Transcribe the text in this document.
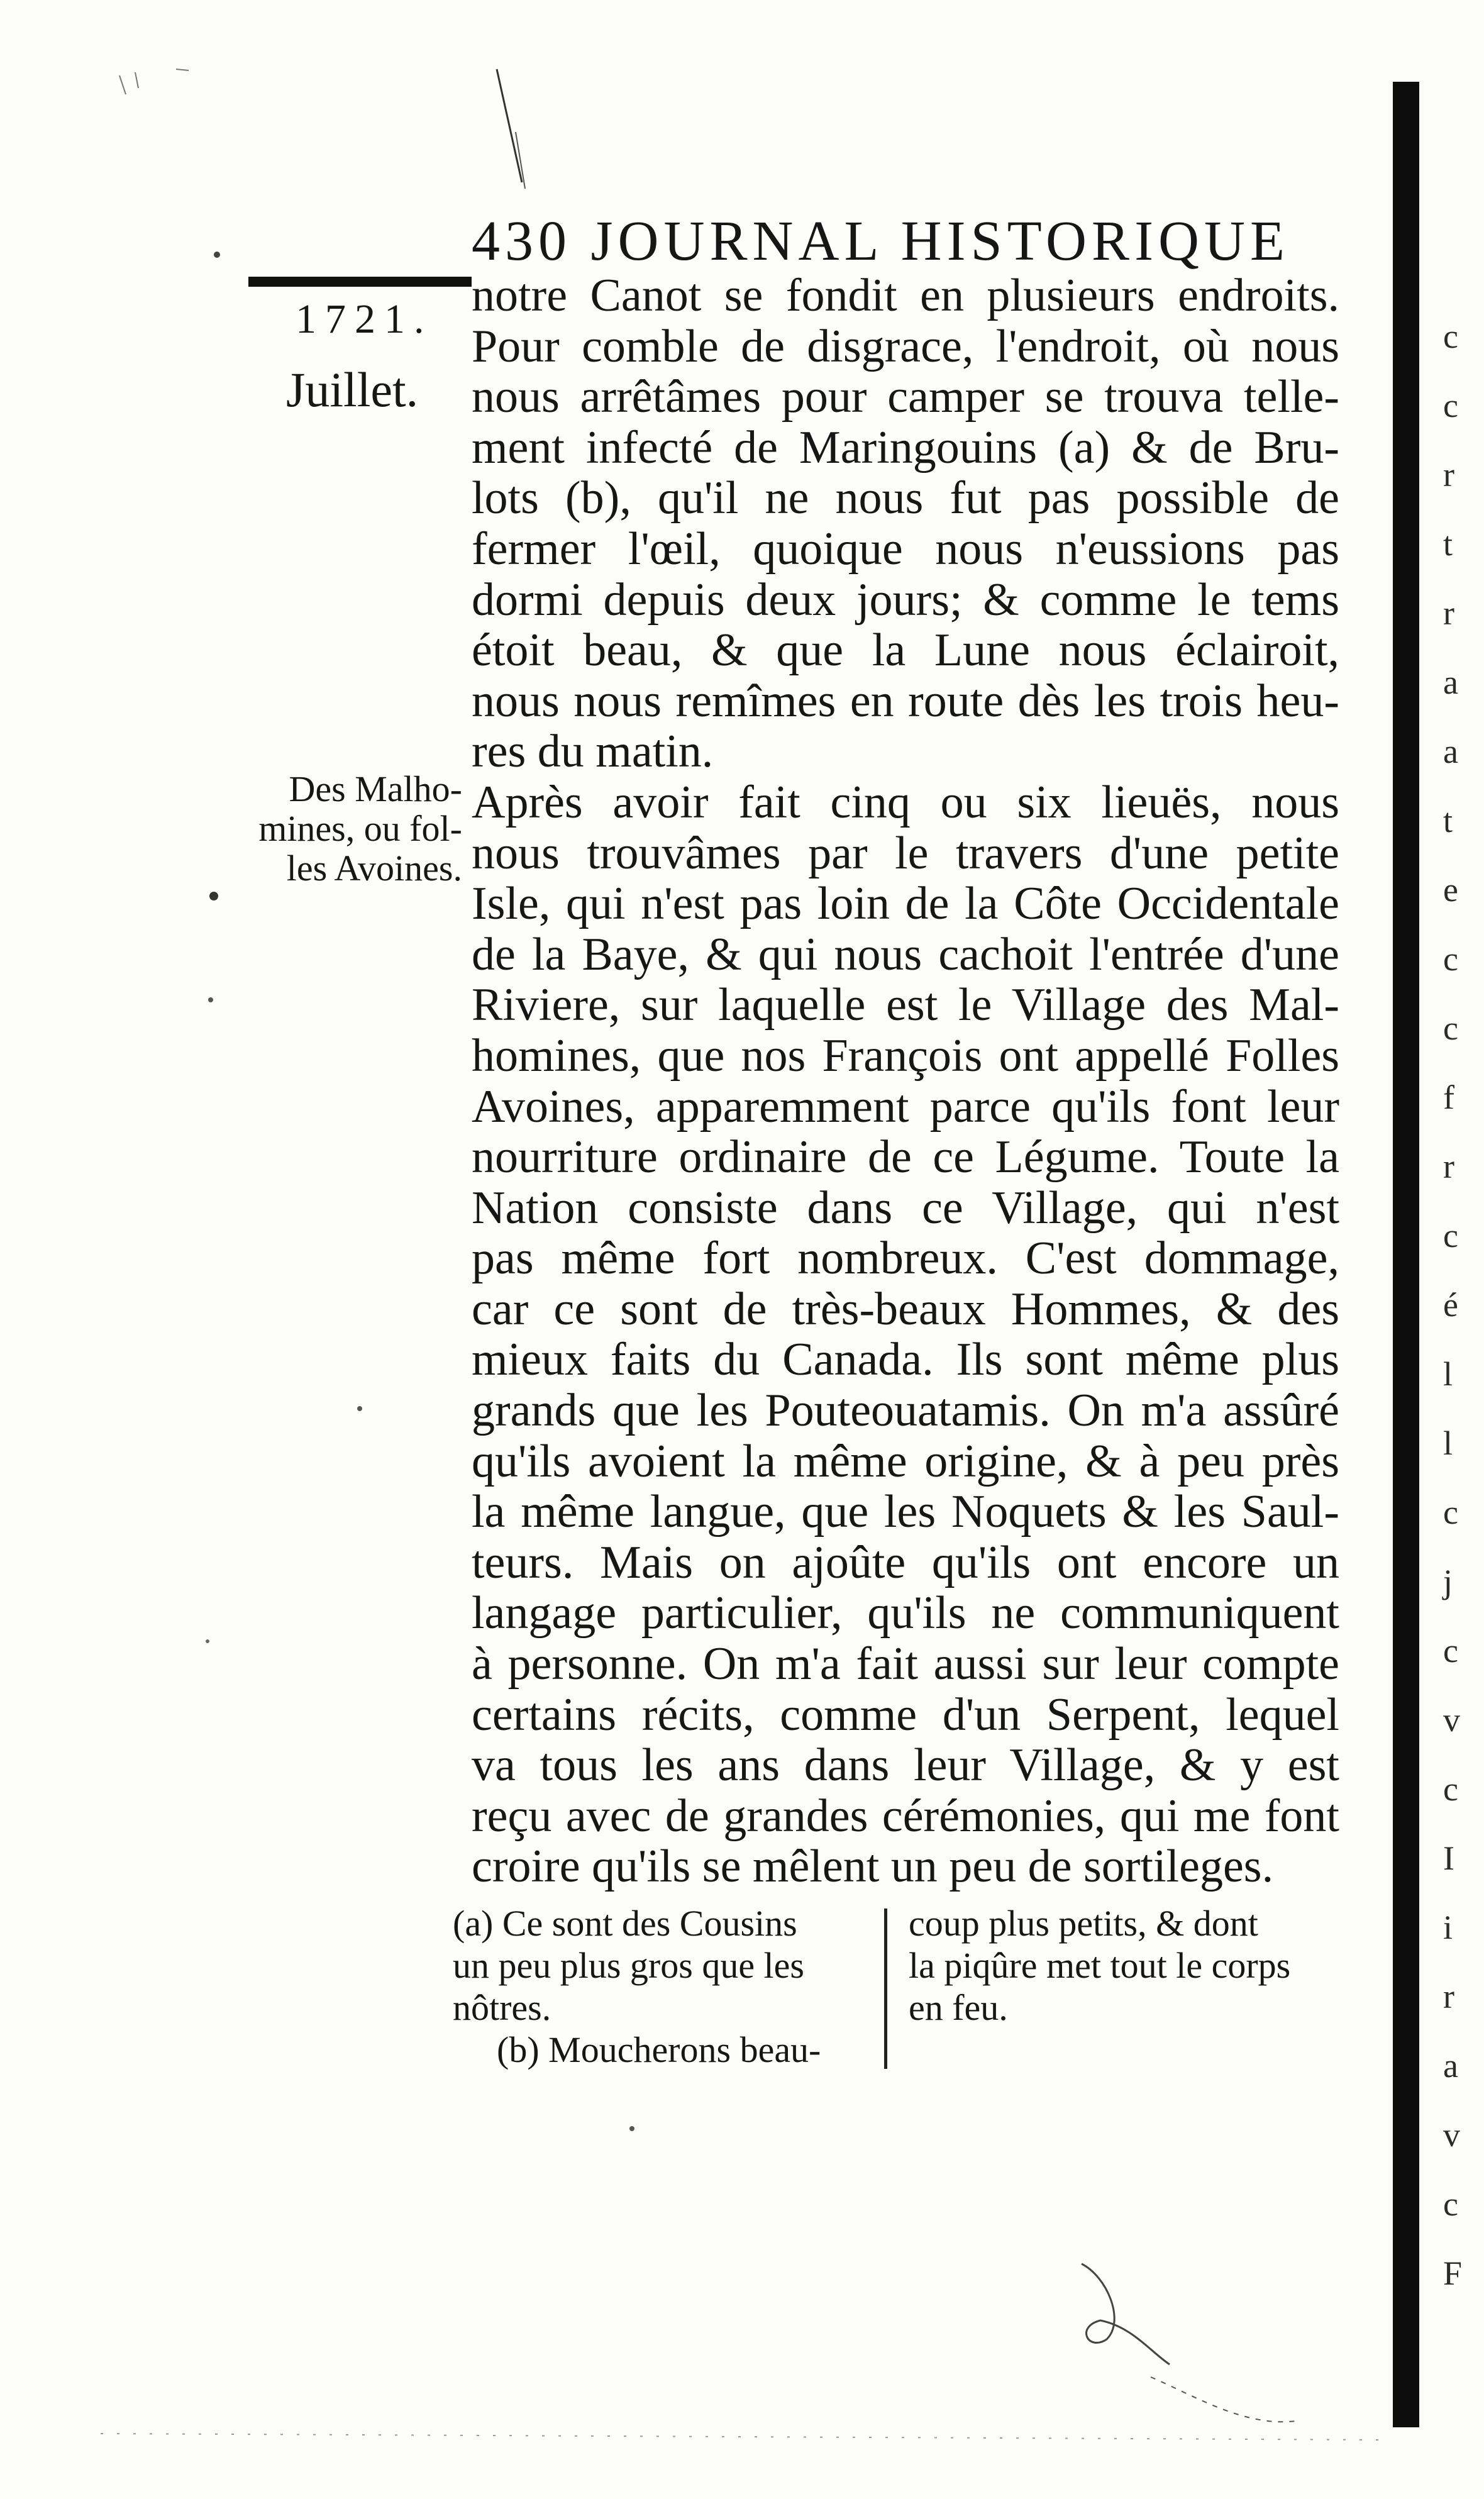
430 JOURNAL HISTORIQUE
1721.
Juillet.
Des Malho-
mines, ou fol-
les Avoines.
notre Canot se fondit en plusieurs endroits.
Pour comble de disgrace, l'endroit, où nous
nous arrêtâmes pour camper se trouva telle-
ment infecté de Maringouins (a) & de Bru-
lots (b), qu'il ne nous fut pas possible de
fermer l'œil, quoique nous n'eussions pas
dormi depuis deux jours; & comme le tems
étoit beau, & que la Lune nous éclairoit,
nous nous remîmes en route dès les trois heu-
res du matin.
Après avoir fait cinq ou six lieuës, nous
nous trouvâmes par le travers d'une petite
Isle, qui n'est pas loin de la Côte Occidentale
de la Baye, & qui nous cachoit l'entrée d'une
Riviere, sur laquelle est le Village des Mal-
homines, que nos François ont appellé Folles
Avoines, apparemment parce qu'ils font leur
nourriture ordinaire de ce Légume. Toute la
Nation consiste dans ce Village, qui n'est
pas même fort nombreux. C'est dommage,
car ce sont de très-beaux Hommes, & des
mieux faits du Canada. Ils sont même plus
grands que les Pouteouatamis. On m'a assûré
qu'ils avoient la même origine, & à peu près
la même langue, que les Noquets & les Saul-
teurs. Mais on ajoûte qu'ils ont encore un
langage particulier, qu'ils ne communiquent
à personne. On m'a fait aussi sur leur compte
certains récits, comme d'un Serpent, lequel
va tous les ans dans leur Village, & y est
reçu avec de grandes cérémonies, qui me font
croire qu'ils se mêlent un peu de sortileges.
(a) Ce sont des Cousins
un peu plus gros que les
nôtres.
(b) Moucherons beau-
coup plus petits, & dont
la piqûre met tout le corps
en feu.
c
c
r
t
r
a
a
t
e
c
c
f
r
c
é
l
l
c
j
c
v
c
I
i
r
a
v
c
F
